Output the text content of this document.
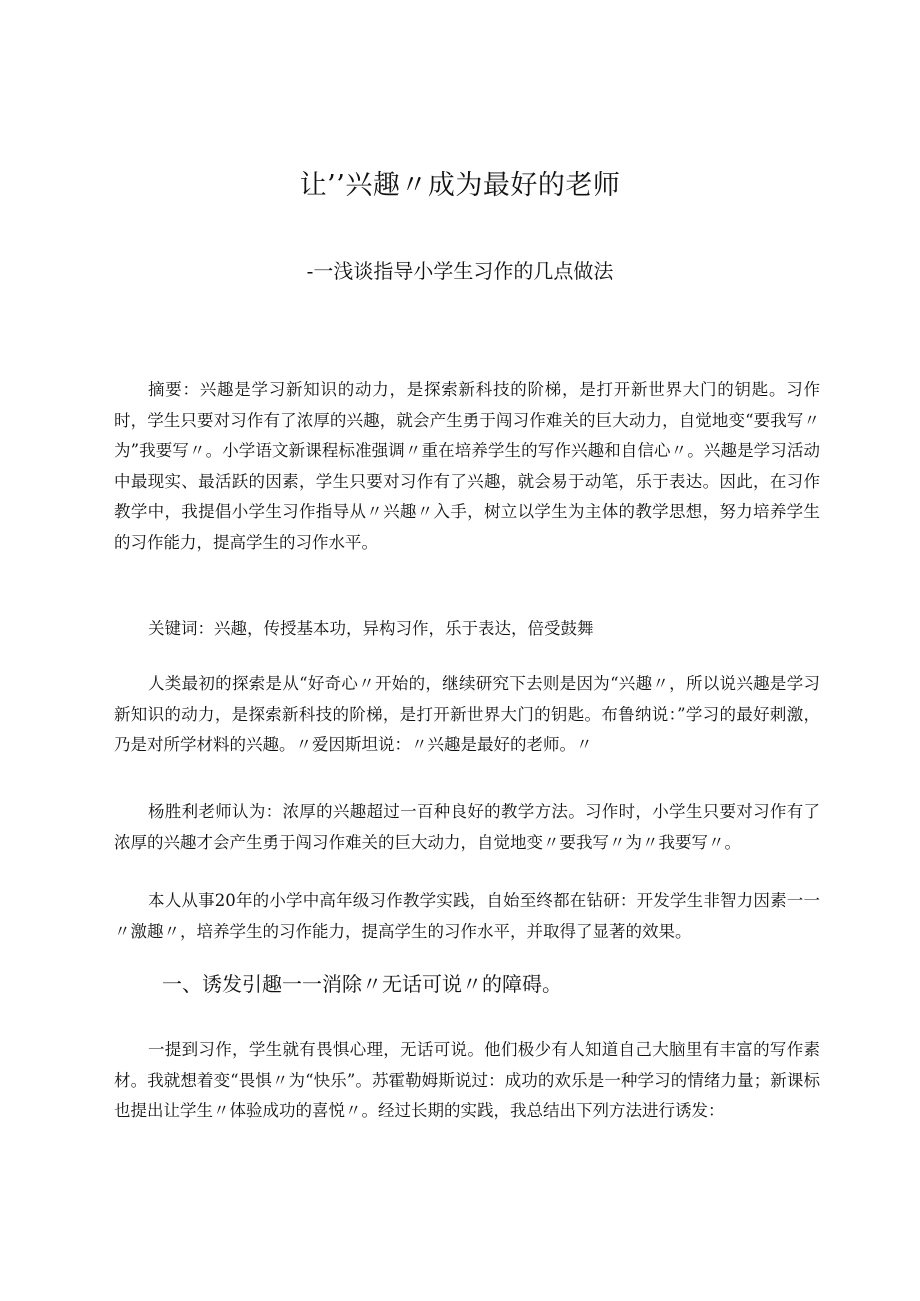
让’’兴趣〃成为最好的老师
-一浅谈指导小学生习作的几点做法

摘要：兴趣是学习新知识的动力，是探索新科技的阶梯，是打开新世界大门的钥匙。习作时，学生只要对习作有了浓厚的兴趣，就会产生勇于闯习作难关的巨大动力，自觉地变“要我写〃为”我要写〃。小学语文新课程标准强调〃重在培养学生的写作兴趣和自信心〃。兴趣是学习活动中最现实、最活跃的因素，学生只要对习作有了兴趣，就会易于动笔，乐于表达。因此，在习作教学中，我提倡小学生习作指导从〃兴趣〃入手，树立以学生为主体的教学思想，努力培养学生的习作能力，提高学生的习作水平。

关键词：兴趣，传授基本功，异构习作，乐于表达，倍受鼓舞

人类最初的探索是从“好奇心〃开始的，继续研究下去则是因为“兴趣〃，所以说兴趣是学习新知识的动力，是探索新科技的阶梯，是打开新世界大门的钥匙。布鲁纳说：”学习的最好刺激，乃是对所学材料的兴趣。〃爱因斯坦说：〃兴趣是最好的老师。〃

杨胜利老师认为：浓厚的兴趣超过一百种良好的教学方法。习作时，小学生只要对习作有了浓厚的兴趣才会产生勇于闯习作难关的巨大动力，自觉地变〃要我写〃为〃我要写〃。

本人从事20年的小学中高年级习作教学实践，自始至终都在钻研：开发学生非智力因素一一〃激趣〃，培养学生的习作能力，提高学生的习作水平，并取得了显著的效果。

一、诱发引趣一一消除〃无话可说〃的障碍。

一提到习作，学生就有畏惧心理，无话可说。他们极少有人知道自己大脑里有丰富的写作素材。我就想着变“畏惧〃为“快乐”。苏霍勒姆斯说过：成功的欢乐是一种学习的情绪力量；新课标也提出让学生〃体验成功的喜悦〃。经过长期的实践，我总结出下列方法进行诱发：
